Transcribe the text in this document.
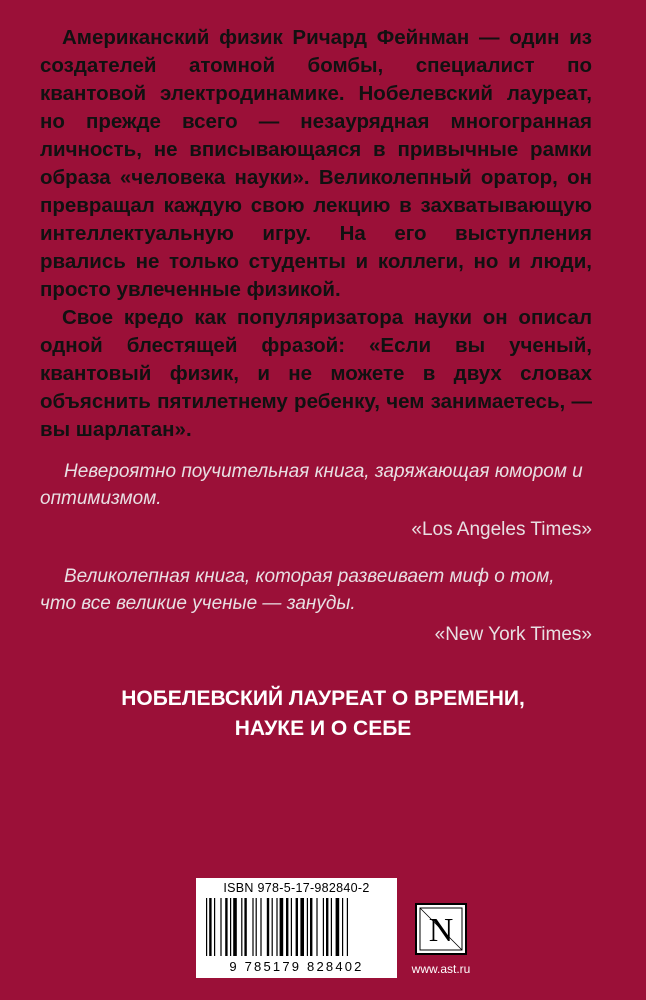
Американский физик Ричард Фейнман — один из создателей атомной бомбы, специалист по квантовой электродинамике. Нобелевский лауреат, но прежде всего — незаурядная многогранная личность, не вписывающаяся в привычные рамки образа «человека науки». Великолепный оратор, он превращал каждую свою лекцию в захватывающую интеллектуальную игру. На его выступления рвались не только студенты и коллеги, но и люди, просто увлеченные физикой.

Свое кредо как популяризатора науки он описал одной блестящей фразой: «Если вы ученый, квантовый физик, и не можете в двух словах объяснить пятилетнему ребенку, чем занимаетесь, — вы шарлатан».

Невероятно поучительная книга, заряжающая юмором и оптимизмом.

«Los Angeles Times»

Великолепная книга, которая развеивает миф о том, что все великие ученые — зануды.

«New York Times»

НОБЕЛЕВСКИЙ ЛАУРЕАТ О ВРЕМЕНИ,
НАУКЕ И О СЕБЕ
ISBN 978-5-17-982840-2
9 785179 828402
N
www.ast.ru
